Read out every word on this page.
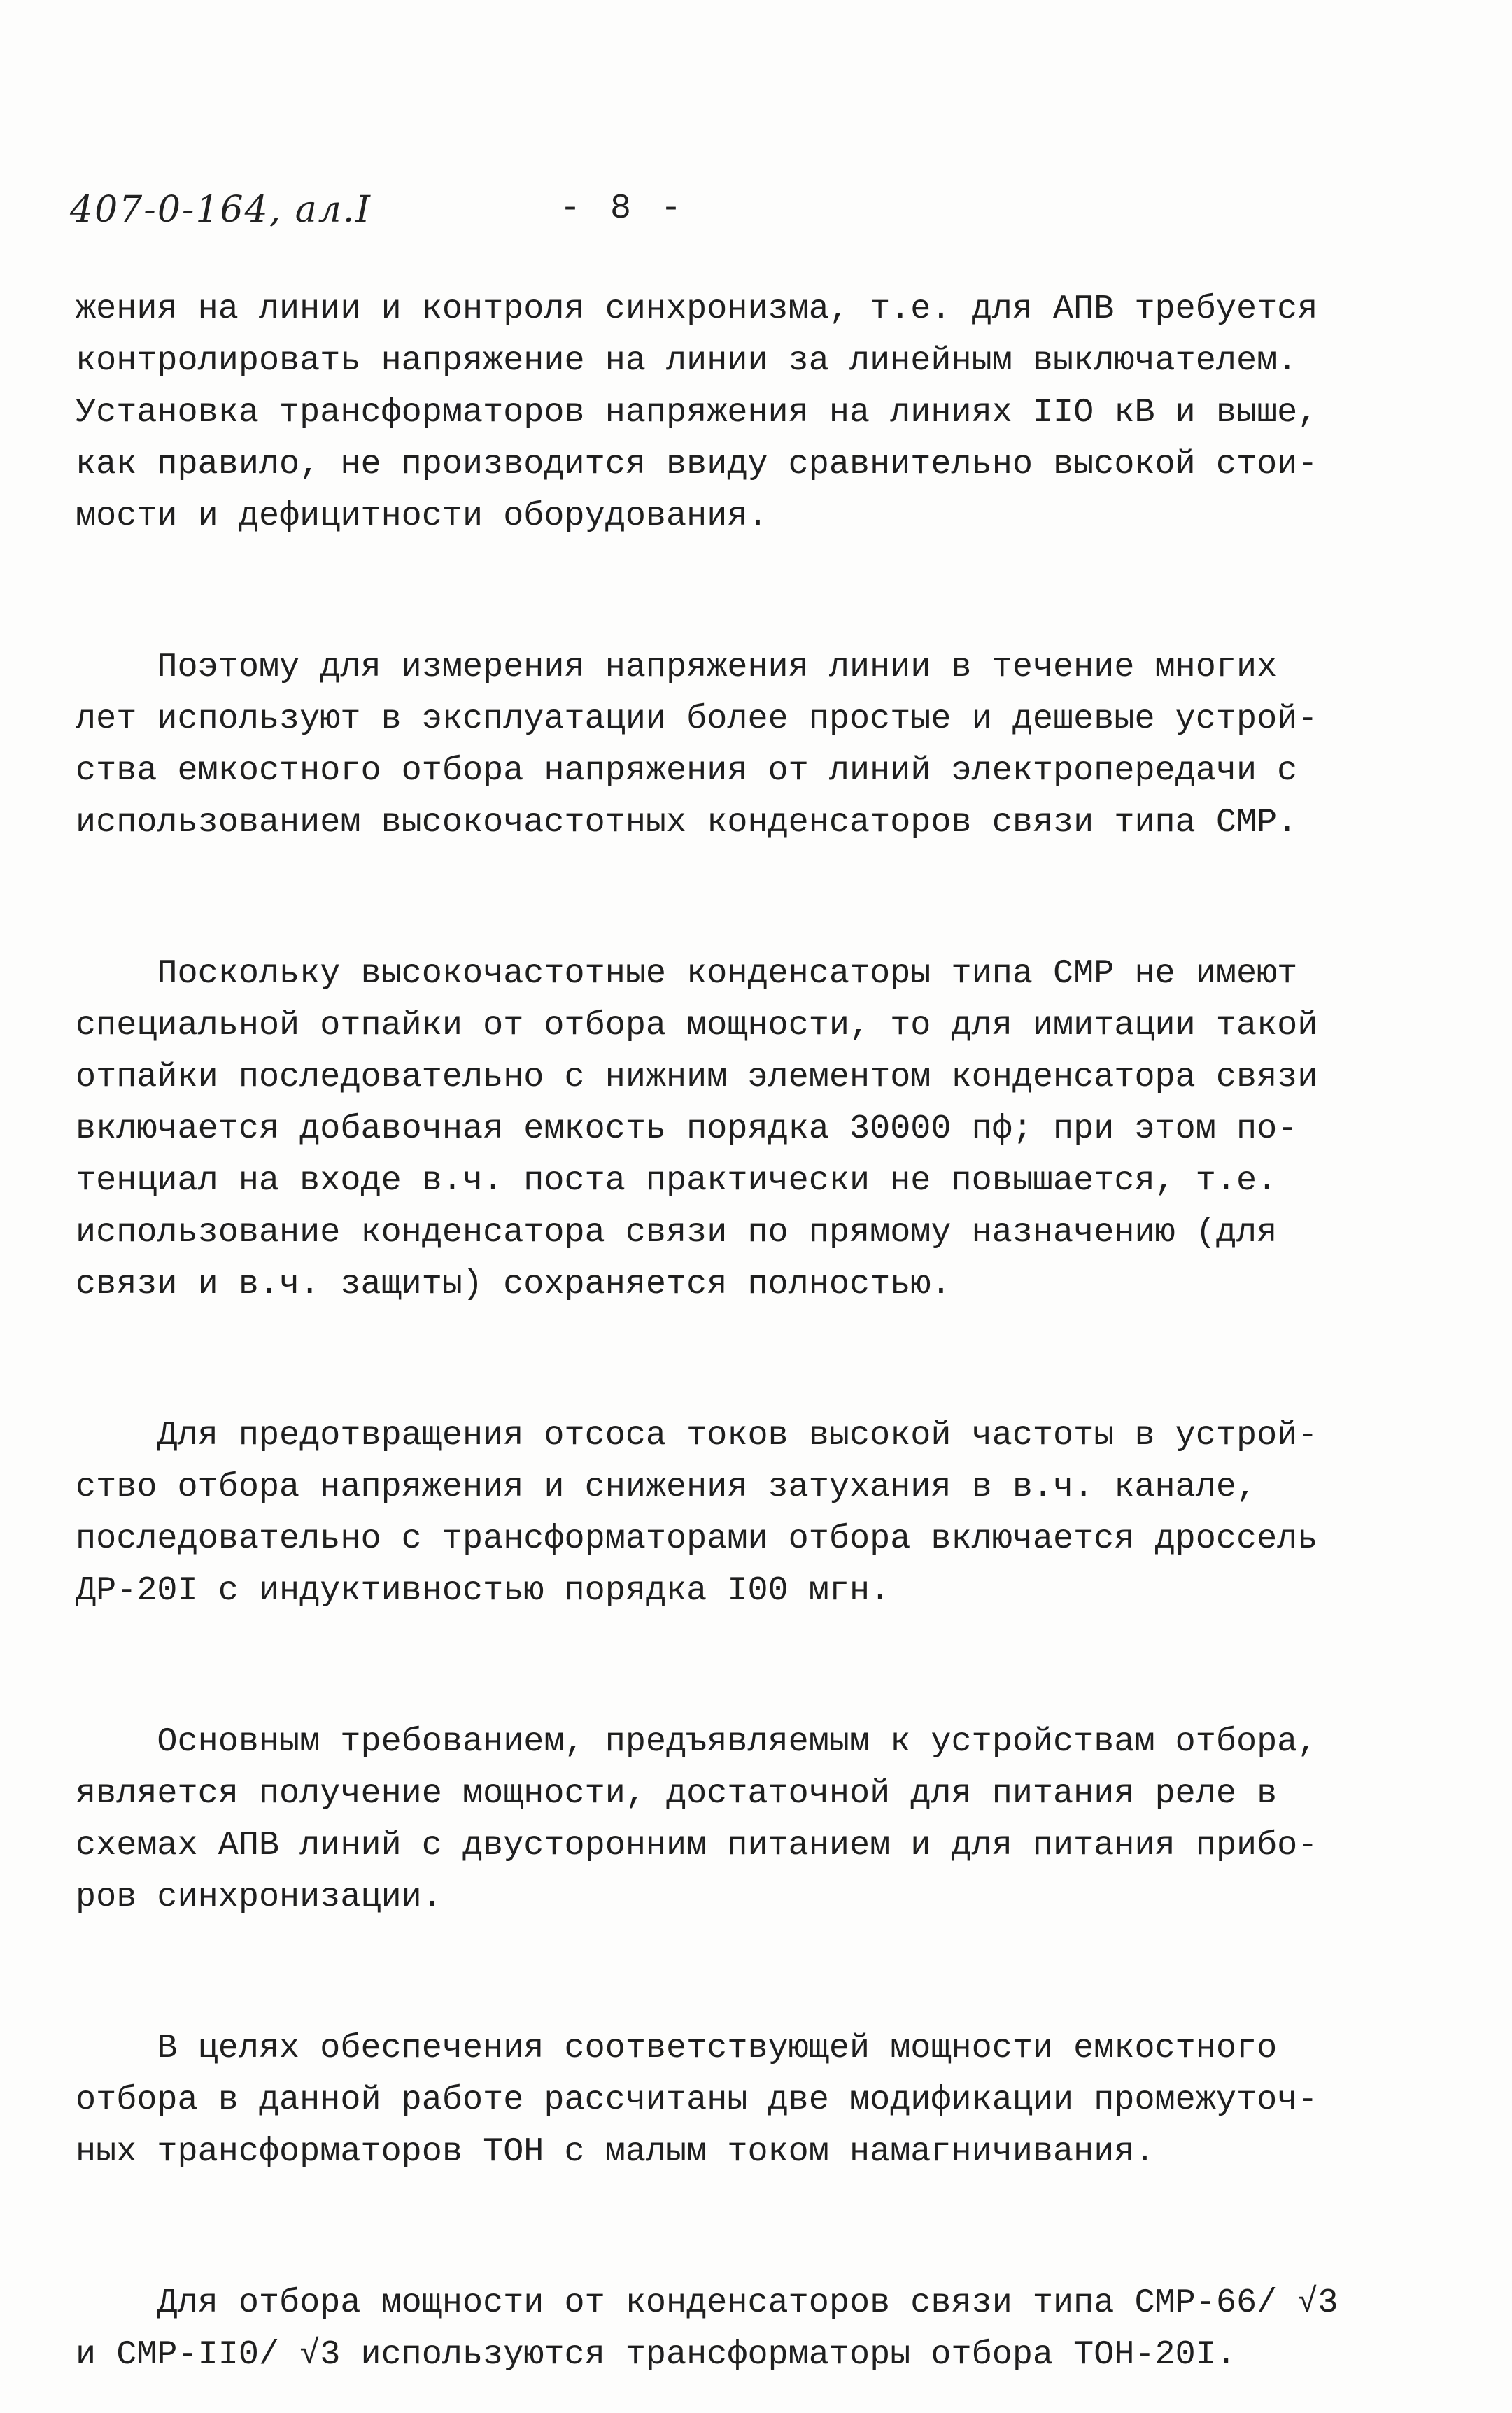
407-0-164, ал.I	- 8 -
жения на линии и контроля синхронизма, т.е. для АПВ требуется
контролировать напряжение на линии за линейным выключателем.
Установка трансформаторов напряжения на линиях IIO кВ и выше,
как правило, не производится ввиду сравнительно высокой стои-
мости и дефицитности оборудования.
Поэтому для измерения напряжения линии в течение многих
лет используют в эксплуатации более простые и дешевые устрой-
ства емкостного отбора напряжения от линий электропередачи с
использованием высокочастотных конденсаторов связи типа СМР.
Поскольку высокочастотные конденсаторы типа СМР не имеют
специальной отпайки от отбора мощности, то для имитации такой
отпайки последовательно с нижним элементом конденсатора связи
включается добавочная емкость порядка 30000 пф; при этом по-
тенциал на входе в.ч. поста практически не повышается, т.е.
использование конденсатора связи по прямому назначению (для
связи и в.ч. защиты) сохраняется полностью.
Для предотвращения отсоса токов высокой частоты в устрой-
ство отбора напряжения и снижения затухания в в.ч. канале,
последовательно с трансформаторами отбора включается дроссель
ДР-20I с индуктивностью порядка I00 мгн.
Основным требованием, предъявляемым к устройствам отбора,
является получение мощности, достаточной для питания реле в
схемах АПВ линий с двусторонним питанием и для питания прибо-
ров синхронизации.
В целях обеспечения соответствующей мощности емкостного
отбора в данной работе рассчитаны две модификации промежуточ-
ных трансформаторов ТОН с малым током намагничивания.
Для отбора мощности от конденсаторов связи типа СМР-66/ √3
и СМР-II0/ √3 используются трансформаторы отбора ТОН-20I.
